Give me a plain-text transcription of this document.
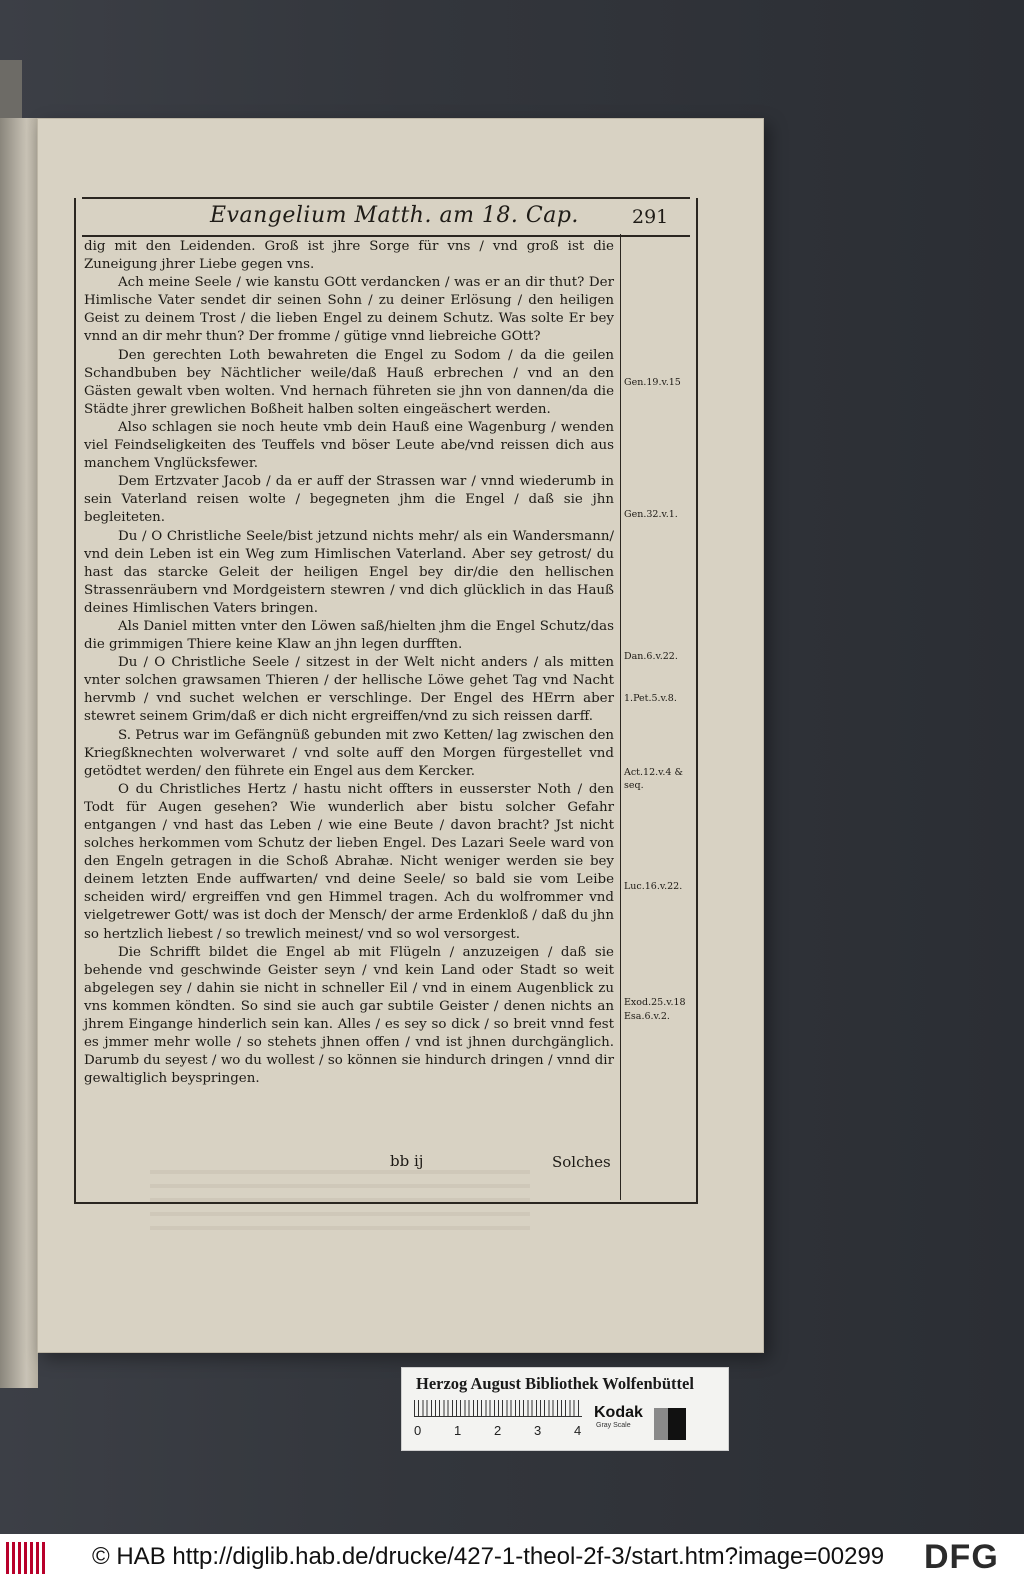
Evangelium Matth. am 18. Cap.	291

dig mit den Leidenden. Groß ist jhre Sorge für vns / vnd groß ist die Zuneigung jhrer Liebe gegen vns.

Ach meine Seele / wie kanstu GOtt verdancken / was er an dir thut? Der Himlische Vater sendet dir seinen Sohn / zu deiner Erlösung / den heiligen Geist zu deinem Trost / die lieben Engel zu deinem Schutz. Was solte Er bey vnnd an dir mehr thun? Der fromme / gütige vnnd liebreiche GOtt?

Den gerechten Loth bewahreten die Engel zu Sodom / da die geilen Schandbuben bey Nächtlicher weile/daß Hauß erbrechen / vnd an den Gästen gewalt vben wolten. Vnd hernach führeten sie jhn von dannen/da die Städte jhrer grewlichen Boßheit halben solten eingeäschert werden.

Also schlagen sie noch heute vmb dein Hauß eine Wagenburg / wenden viel Feindseligkeiten des Teuffels vnd böser Leute abe/vnd reissen dich aus manchem Vnglücksfewer.

Dem Ertzvater Jacob / da er auff der Strassen war / vnnd wiederumb in sein Vaterland reisen wolte / begegneten jhm die Engel / daß sie jhn begleiteten.

Du / O Christliche Seele/bist jetzund nichts mehr/ als ein Wandersmann/ vnd dein Leben ist ein Weg zum Himlischen Vaterland. Aber sey getrost/ du hast das starcke Geleit der heiligen Engel bey dir/die den hellischen Strassenräubern vnd Mordgeistern stewren / vnd dich glücklich in das Hauß deines Himlischen Vaters bringen.

Als Daniel mitten vnter den Löwen saß/hielten jhm die Engel Schutz/das die grimmigen Thiere keine Klaw an jhn legen durfften.

Du / O Christliche Seele / sitzest in der Welt nicht anders / als mitten vnter solchen grawsamen Thieren / der hellische Löwe gehet Tag vnd Nacht hervmb / vnd suchet welchen er verschlinge. Der Engel des HErrn aber stewret seinem Grim/daß er dich nicht ergreiffen/vnd zu sich reissen darff.

S. Petrus war im Gefängnüß gebunden mit zwo Ketten/ lag zwischen den Kriegßknechten wolverwaret / vnd solte auff den Morgen fürgestellet vnd getödtet werden/ den führete ein Engel aus dem Kercker.

O du Christliches Hertz / hastu nicht offters in eusserster Noth / den Todt für Augen gesehen? Wie wunderlich aber bistu solcher Gefahr entgangen / vnd hast das Leben / wie eine Beute / davon bracht? Jst nicht solches herkommen vom Schutz der lieben Engel. Des Lazari Seele ward von den Engeln getragen in die Schoß Abrahæ. Nicht weniger werden sie bey deinem letzten Ende auffwarten/ vnd deine Seele/ so bald sie vom Leibe scheiden wird/ ergreiffen vnd gen Himmel tragen. Ach du wolfrommer vnd vielgetrewer Gott/ was ist doch der Mensch/ der arme Erdenkloß / daß du jhn so hertzlich liebest / so trewlich meinest/ vnd so wol versorgest.

Die Schrifft bildet die Engel ab mit Flügeln / anzuzeigen / daß sie behende vnd geschwinde Geister seyn / vnd kein Land oder Stadt so weit abgelegen sey / dahin sie nicht in schneller Eil / vnd in einem Augenblick zu vns kommen köndten. So sind sie auch gar subtile Geister / denen nichts an jhrem Eingange hinderlich sein kan. Alles / es sey so dick / so breit vnnd fest es jmmer mehr wolle / so stehets jhnen offen / vnd ist jhnen durchgänglich. Darumb du seyest / wo du wollest / so können sie hindurch dringen / vnnd dir gewaltiglich beyspringen.

Gen.19.v.15
Gen.32.v.1.
Dan.6.v.22.
1.Pet.5.v.8.
Act.12.v.4 & seq.
Luc.16.v.22.
Exod.25.v.18
Esa.6.v.2.
bb ij	Solches
Herzog August Bibliothek Wolfenbüttel
0	1	2	3	4
Kodak
Gray Scale
© HAB http://diglib.hab.de/drucke/427-1-theol-2f-3/start.htm?image=00299 DFG
